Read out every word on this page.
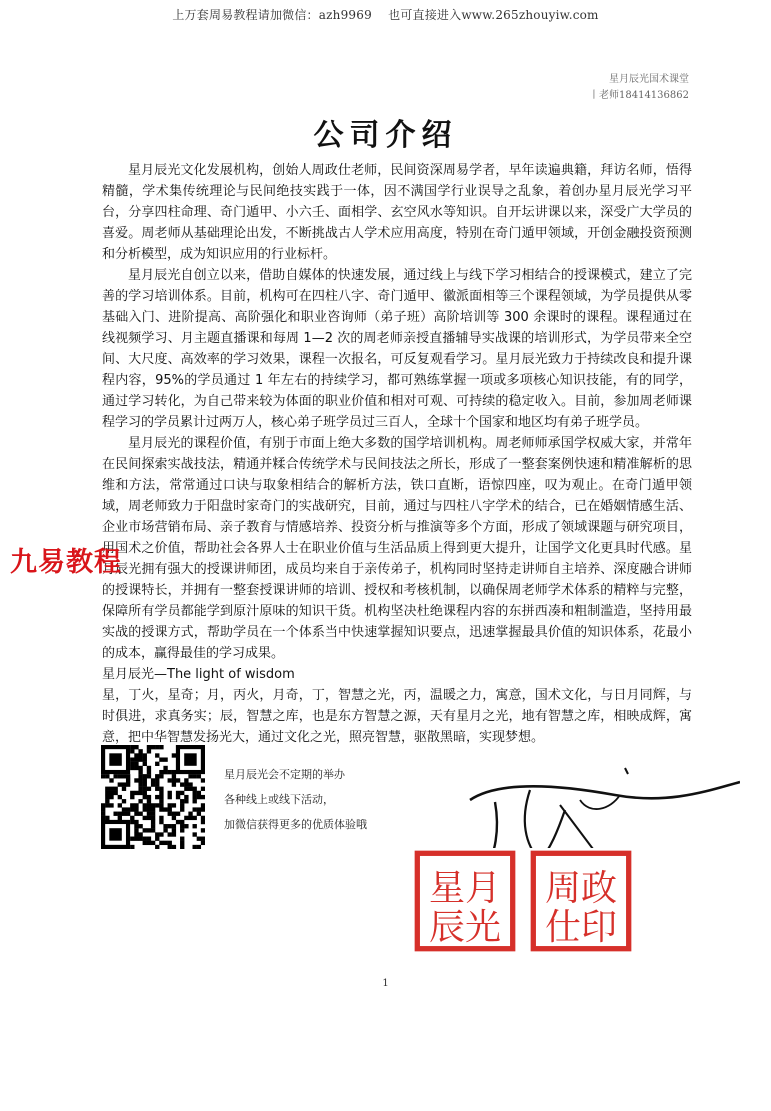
上万套周易教程请加微信：azh9969　 也可直接进入www.265zhouyiw.com
星月辰光国术课堂
丨老师18414136862
公司介绍

星月辰光文化发展机构，创始人周政仕老师，民间资深周易学者，早年读遍典籍，拜访名师，悟得精髓，学术集传统理论与民间绝技实践于一体，因不满国学行业误导之乱象，着创办星月辰光学习平台，分享四柱命理、奇门遁甲、小六壬、面相学、玄空风水等知识。自开坛讲课以来，深受广大学员的喜爱。周老师从基础理论出发，不断挑战古人学术应用高度，特别在奇门遁甲领域，开创金融投资预测和分析模型，成为知识应用的行业标杆。

星月辰光自创立以来，借助自媒体的快速发展，通过线上与线下学习相结合的授课模式，建立了完善的学习培训体系。目前，机构可在四柱八字、奇门遁甲、徽派面相等三个课程领域，为学员提供从零基础入门、进阶提高、高阶强化和职业咨询师（弟子班）高阶培训等 300 余课时的课程。课程通过在线视频学习、月主题直播课和每周 1—2 次的周老师亲授直播辅导实战课的培训形式，为学员带来全空间、大尺度、高效率的学习效果，课程一次报名，可反复观看学习。星月辰光致力于持续改良和提升课程内容，95%的学员通过 1 年左右的持续学习，都可熟练掌握一项或多项核心知识技能，有的同学，通过学习转化，为自己带来较为体面的职业价值和相对可观、可持续的稳定收入。目前，参加周老师课程学习的学员累计过两万人，核心弟子班学员过三百人，全球十个国家和地区均有弟子班学员。

星月辰光的课程价值，有别于市面上绝大多数的国学培训机构。周老师师承国学权威大家，并常年在民间探索实战技法，精通并糅合传统学术与民间技法之所长，形成了一整套案例快速和精准解析的思维和方法，常常通过口诀与取象相结合的解析方法，铁口直断，语惊四座，叹为观止。在奇门遁甲领域，周老师致力于阳盘时家奇门的实战研究，目前，通过与四柱八字学术的结合，已在婚姻情感生活、企业市场营销布局、亲子教育与情感培养、投资分析与推演等多个方面，形成了领域课题与研究项目，用国术之价值，帮助社会各界人士在职业价值与生活品质上得到更大提升，让国学文化更具时代感。星月辰光拥有强大的授课讲师团，成员均来自于亲传弟子，机构同时坚持走讲师自主培养、深度融合讲师的授课特长，并拥有一整套授课讲师的培训、授权和考核机制，以确保周老师学术体系的精粹与完整，保障所有学员都能学到原汁原味的知识干货。机构坚决杜绝课程内容的东拼西凑和粗制滥造，坚持用最实战的授课方式，帮助学员在一个体系当中快速掌握知识要点，迅速掌握最具价值的知识体系，花最小的成本，赢得最佳的学习成果。

星月辰光—The light of wisdom

星，丁火，星奇；月，丙火，月奇，丁，智慧之光，丙，温暖之力，寓意，国术文化，与日月同辉，与时俱进，求真务实；辰，智慧之库，也是东方智慧之源，天有星月之光，地有智慧之库，相映成辉，寓意，把中华智慧发扬光大，通过文化之光，照亮智慧，驱散黑暗，实现梦想。

九易教程
星月辰光会不定期的举办
各种线上或线下活动，
加微信获得更多的优质体验哦
星月
辰光
周政
仕印
1
